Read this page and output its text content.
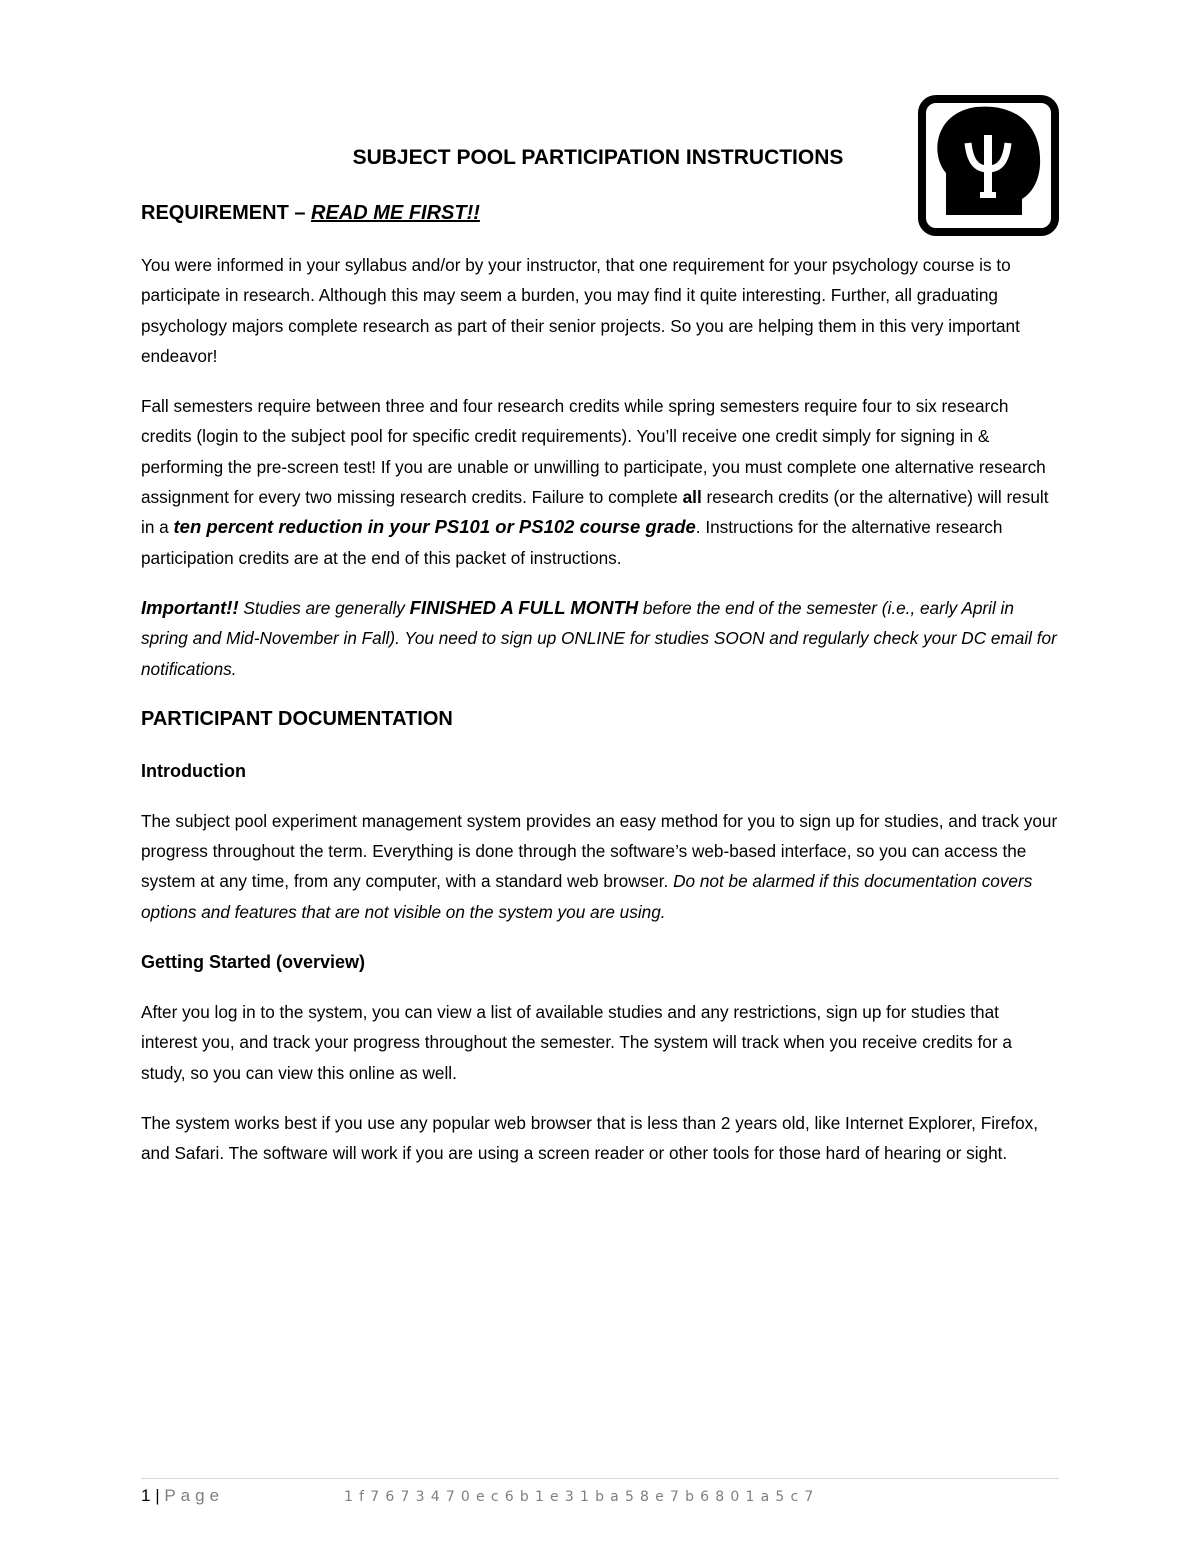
SUBJECT POOL PARTICIPATION INSTRUCTIONS
REQUIREMENT – READ ME FIRST!!

You were informed in your syllabus and/or by your instructor, that one requirement for your psychology course is to participate in research. Although this may seem a burden, you may find it quite interesting. Further, all graduating psychology majors complete research as part of their senior projects. So you are helping them in this very important endeavor!

Fall semesters require between three and four research credits while spring semesters require four to six research credits (login to the subject pool for specific credit requirements). You’ll receive one credit simply for signing in & performing the pre-screen test! If you are unable or unwilling to participate, you must complete one alternative research assignment for every two missing research credits. Failure to complete all research credits (or the alternative) will result in a ten percent reduction in your PS101 or PS102 course grade. Instructions for the alternative research participation credits are at the end of this packet of instructions.

Important!! Studies are generally FINISHED A FULL MONTH before the end of the semester (i.e., early April in spring and Mid-November in Fall). You need to sign up ONLINE for studies SOON and regularly check your DC email for notifications.

PARTICIPANT DOCUMENTATION
Introduction

The subject pool experiment management system provides an easy method for you to sign up for studies, and track your progress throughout the term. Everything is done through the software’s web-based interface, so you can access the system at any time, from any computer, with a standard web browser. Do not be alarmed if this documentation covers options and features that are not visible on the system you are using.

Getting Started (overview)

After you log in to the system, you can view a list of available studies and any restrictions, sign up for studies that interest you, and track your progress throughout the semester. The system will track when you receive credits for a study, so you can view this online as well.

The system works best if you use any popular web browser that is less than 2 years old, like Internet Explorer, Firefox, and Safari. The software will work if you are using a screen reader or other tools for those hard of hearing or sight.

1 | Page	1f7673470ec6b1e31ba58e7b6801a5c7
